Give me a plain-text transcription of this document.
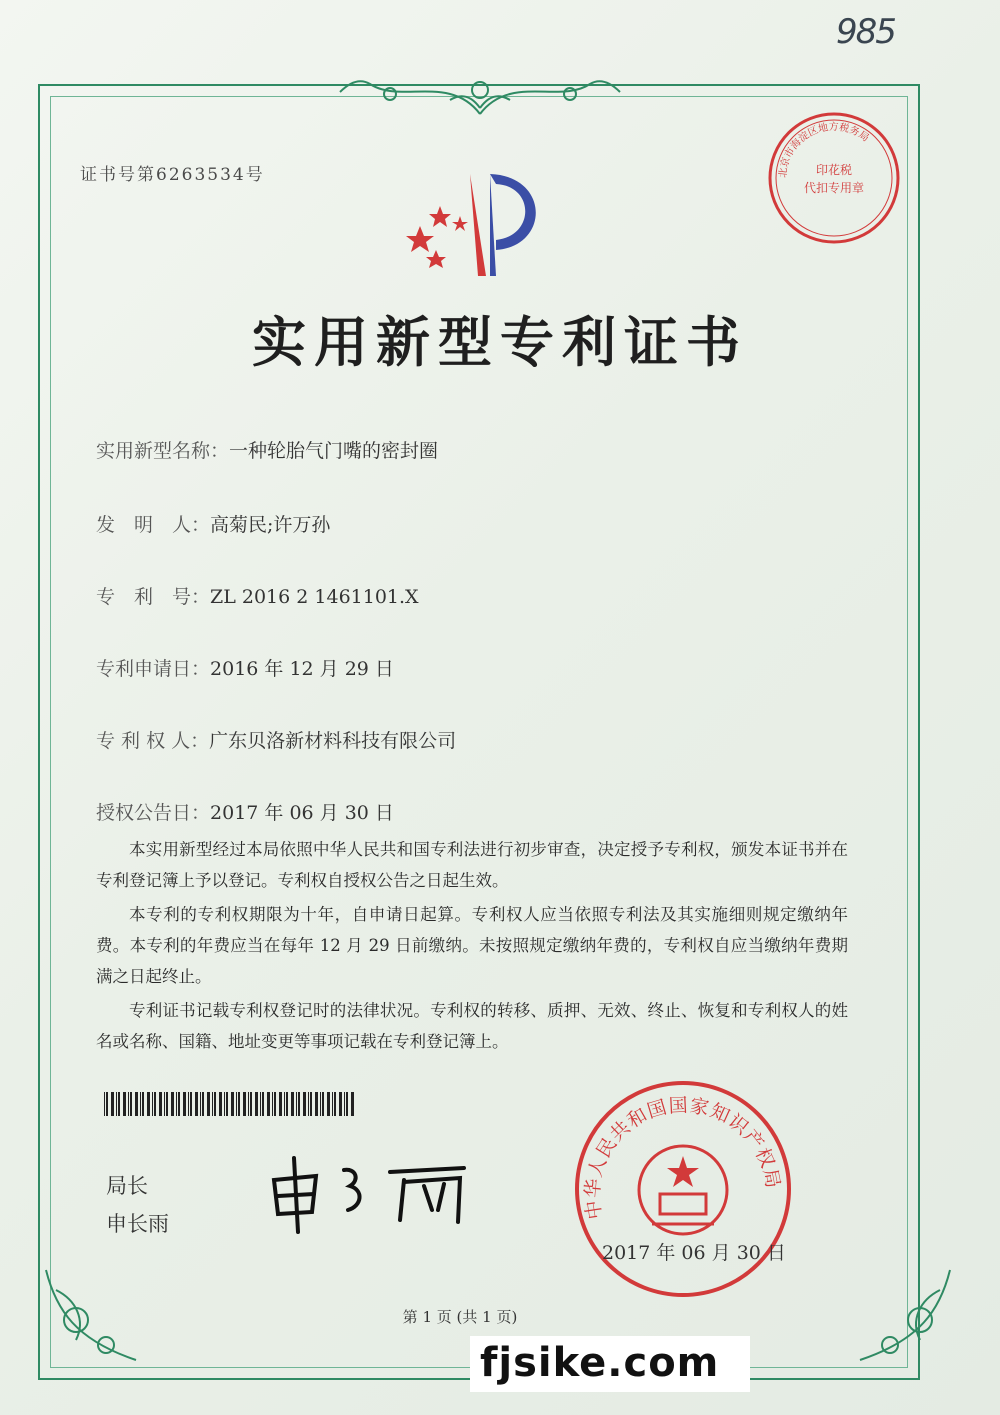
985
印花税
代扣专用章
北京市海淀区地方税务局
证书号第6263534号
实用新型专利证书
实用新型名称：一种轮胎气门嘴的密封圈
发　明　人：高菊民;许万孙
专　利　号：ZL 2016 2 1461101.X
专利申请日：2016 年 12 月 29 日
专 利 权 人：广东贝洛新材料科技有限公司
授权公告日：2017 年 06 月 30 日

本实用新型经过本局依照中华人民共和国专利法进行初步审查，决定授予专利权，颁发本证书并在专利登记簿上予以登记。专利权自授权公告之日起生效。

本专利的专利权期限为十年，自申请日起算。专利权人应当依照专利法及其实施细则规定缴纳年费。本专利的年费应当在每年 12 月 29 日前缴纳。未按照规定缴纳年费的，专利权自应当缴纳年费期满之日起终止。

专利证书记载专利权登记时的法律状况。专利权的转移、质押、无效、终止、恢复和专利权人的姓名或名称、国籍、地址变更等事项记载在专利登记簿上。

局长
申长雨
中华人民共和国国家知识产权局
2017 年 06 月 30 日
第 1 页 (共 1 页)
fjsike.com
